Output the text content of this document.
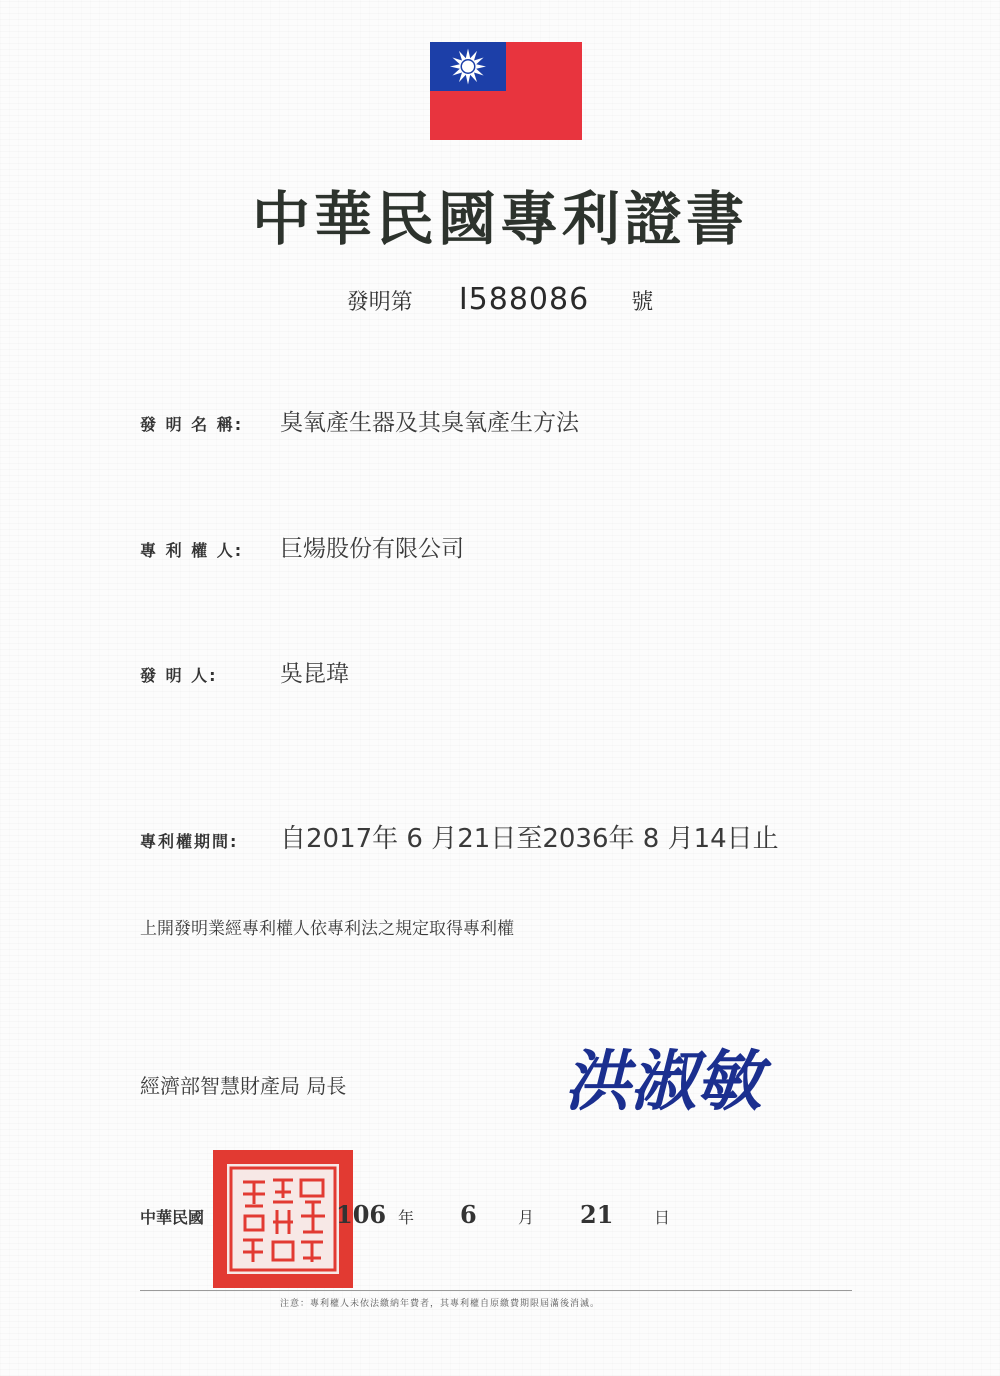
中華民國專利證書
發明第 I588086 號
發 明 名 稱: 臭氧產生器及其臭氧產生方法
專 利 權 人: 巨煬股份有限公司
發 明 人:	吳昆瑋
專利權期間: 自2017年 6 月21日至2036年 8 月14日止
上開發明業經專利權人依專利法之規定取得專利權
經濟部智慧財產局 局長	洪淑敏
中華民國	106 年 6	月 21	日
注意：專利權人未依法繳納年費者，其專利權自原繳費期限屆滿後消滅。
